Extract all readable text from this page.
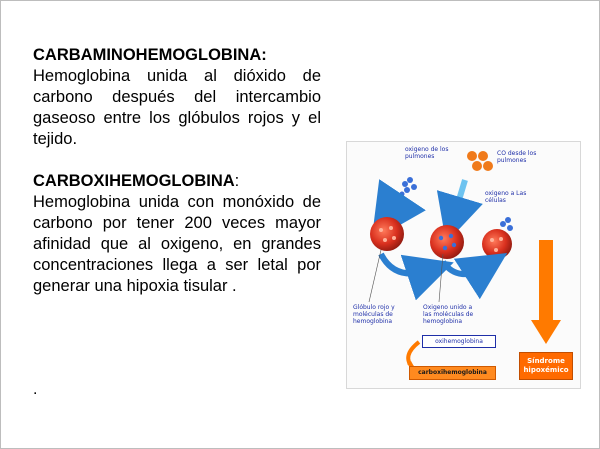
CARBAMINOHEMOGLOBINA:

Hemoglobina unida al dióxido de carbono después del intercambio gaseoso entre los glóbulos rojos y el tejido.

CARBOXIHEMOGLOBINA:

Hemoglobina unida con monóxido de carbono por tener 200 veces mayor afinidad que al oxigeno, en grandes concentraciones llega a ser letal por generar una hipoxia tisular .

.
oxigeno de los pulmones	CO desde los pulmones
oxigeno a Las células
Glóbulo rojo y moléculas de hemoglobina
Oxigeno unido a las moléculas de hemoglobina
oxihemoglobina
carboxihemoglobina
Síndrome hipoxémico
